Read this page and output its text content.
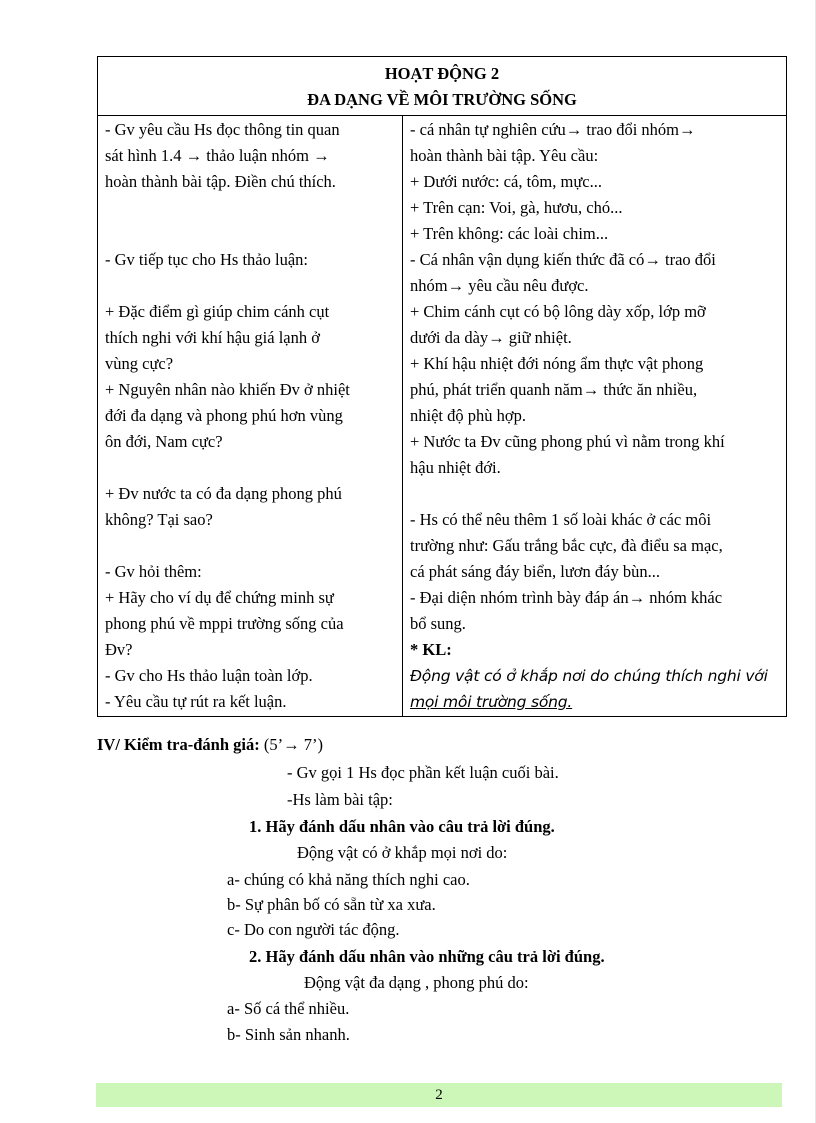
HOẠT ĐỘNG 2
ĐA DẠNG VỀ MÔI TRƯỜNG SỐNG

- Gv yêu cầu Hs đọc thông tin quan
sát hình 1.4 → thảo luận nhóm →
hoàn thành bài tập. Điền chú thích.
- Gv tiếp tục cho Hs thảo luận:
+ Đặc điểm gì giúp chim cánh cụt
thích nghi với khí hậu giá lạnh ở
vùng cực?
+ Nguyên nhân nào khiến Đv ở nhiệt
đới đa dạng và phong phú hơn vùng
ôn đới, Nam cực?
+ Đv nước ta có đa dạng phong phú
không? Tại sao?
- Gv hỏi thêm:
+ Hãy cho ví dụ để chứng minh sự
phong phú về mppi trường sống của
Đv?
- Gv cho Hs thảo luận toàn lớp.
- Yêu cầu tự rút ra kết luận.

- cá nhân tự nghiên cứu→ trao đổi nhóm→
hoàn thành bài tập. Yêu cầu:
+ Dưới nước: cá, tôm, mực...
+ Trên cạn: Voi, gà, hươu, chó...
+ Trên không: các loài chim...
- Cá nhân vận dụng kiến thức đã có→ trao đổi
nhóm→ yêu cầu nêu được.
+ Chim cánh cụt có bộ lông dày xốp, lớp mỡ
dưới da dày→ giữ nhiệt.
+ Khí hậu nhiệt đới nóng ẩm thực vật phong
phú, phát triển quanh năm→ thức ăn nhiều,
nhiệt độ phù hợp.
+ Nước ta Đv cũng phong phú vì nằm trong khí
hậu nhiệt đới.
- Hs có thể nêu thêm 1 số loài khác ở các môi
trường như: Gấu trắng bắc cực, đà điểu sa mạc,
cá phát sáng đáy biển, lươn đáy bùn...
- Đại diện nhóm trình bày đáp án→ nhóm khác
bổ sung.
* KL:
Động vật có ở khắp nơi do chúng thích nghi với
mọi môi trường sống.
IV/ Kiểm tra-đánh giá: (5’→ 7’)
- Gv gọi 1 Hs đọc phần kết luận cuối bài.
-Hs làm bài tập:
1. Hãy đánh dấu nhân vào câu trả lời đúng.
Động vật có ở khắp mọi nơi do:
a- chúng có khả năng thích nghi cao.
b- Sự phân bố có sẵn từ xa xưa.
c- Do con người tác động.
2. Hãy đánh dấu nhân vào những câu trả lời đúng.
Động vật đa dạng , phong phú do:
a- Số cá thể nhiều.
b- Sinh sản nhanh.
2
